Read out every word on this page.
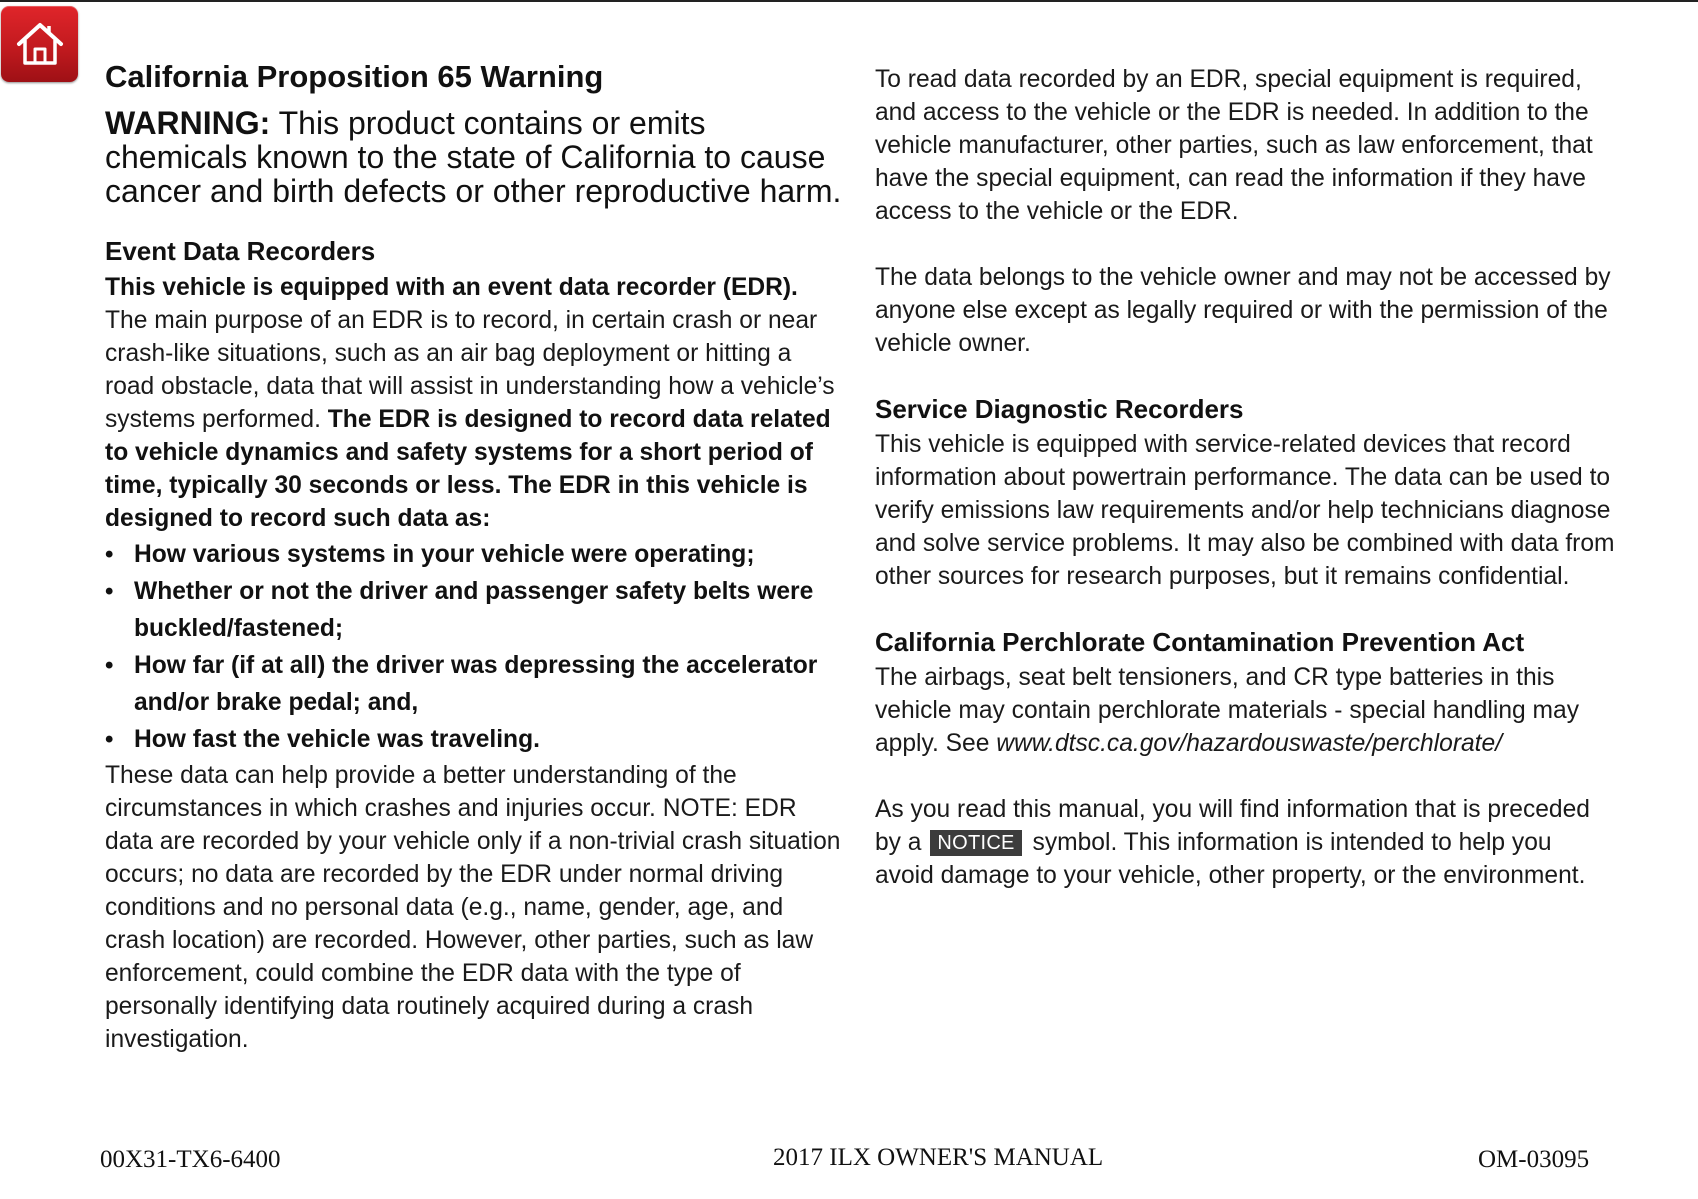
California Proposition 65 Warning
WARNING: This product contains or emits chemicals known to the state of California to cause cancer and birth defects or other reproductive harm.
Event Data Recorders
This vehicle is equipped with an event data recorder (EDR). The main purpose of an EDR is to record, in certain crash or near crash-like situations, such as an air bag deployment or hitting a road obstacle, data that will assist in understanding how a vehicle’s systems performed. The EDR is designed to record data related to vehicle dynamics and safety systems for a short period of time, typically 30 seconds or less. The EDR in this vehicle is designed to record such data as:
• How various systems in your vehicle were operating;
• Whether or not the driver and passenger safety belts were buckled/fastened;
• How far (if at all) the driver was depressing the accelerator and/or brake pedal; and,
• How fast the vehicle was traveling.
These data can help provide a better understanding of the circumstances in which crashes and injuries occur. NOTE: EDR data are recorded by your vehicle only if a non-trivial crash situation occurs; no data are recorded by the EDR under normal driving conditions and no personal data (e.g., name, gender, age, and crash location) are recorded. However, other parties, such as law enforcement, could combine the EDR data with the type of personally identifying data routinely acquired during a crash investigation.
To read data recorded by an EDR, special equipment is required, and access to the vehicle or the EDR is needed. In addition to the vehicle manufacturer, other parties, such as law enforcement, that have the special equipment, can read the information if they have access to the vehicle or the EDR.
The data belongs to the vehicle owner and may not be accessed by anyone else except as legally required or with the permission of the vehicle owner.
Service Diagnostic Recorders
This vehicle is equipped with service-related devices that record information about powertrain performance. The data can be used to verify emissions law requirements and/or help technicians diagnose and solve service problems. It may also be combined with data from other sources for research purposes, but it remains confidential.
California Perchlorate Contamination Prevention Act
The airbags, seat belt tensioners, and CR type batteries in this vehicle may contain perchlorate materials - special handling may apply. See www.dtsc.ca.gov/hazardouswaste/perchlorate/
As you read this manual, you will find information that is preceded by a NOTICE symbol. This information is intended to help you avoid damage to your vehicle, other property, or the environment.
00X31-TX6-6400	2017 ILX OWNER'S MANUAL	OM-03095
